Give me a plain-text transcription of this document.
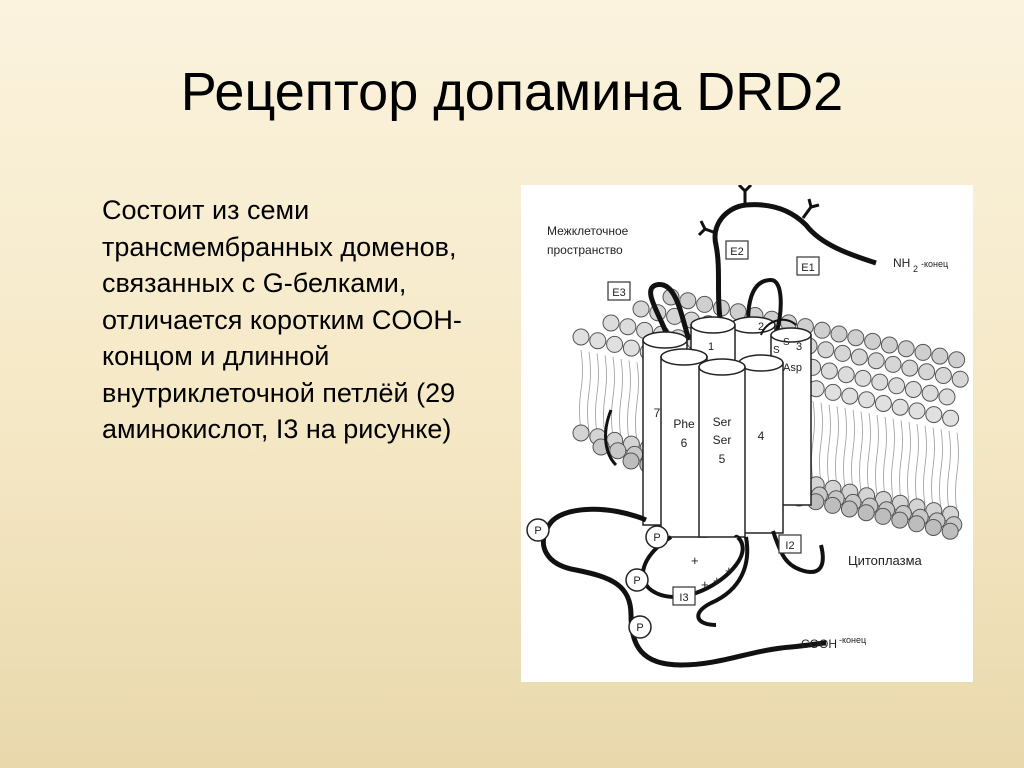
Рецептор допамина DRD2
Состоит из семи трансмембранных доменов, связанных с G-белками, отличается коротким COOH-концом и длинной внутриклеточной петлёй (29 аминокислот, I3 на рисунке)
E1
E2
E3
2
3
1
7
4
Phe
6
Ser
Ser
5
S
S
Asp
P
P
P
P
+
+ +
+
I2
I3
Межклеточное
пространство
Цитоплазма
NH 2 -конец
COOH -конец
